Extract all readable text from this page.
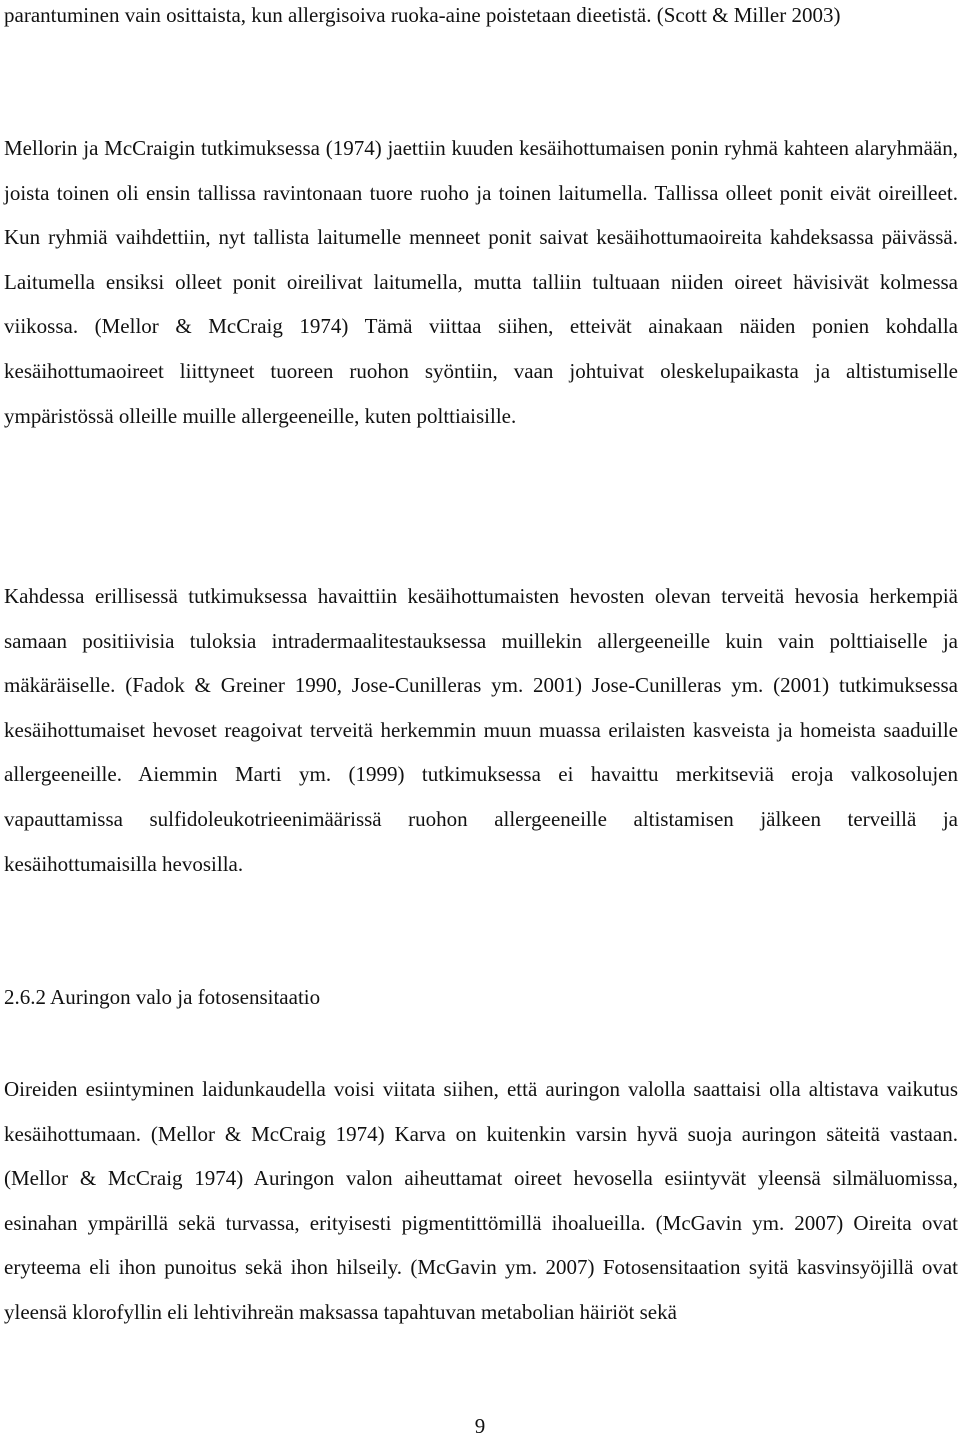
parantuminen vain osittaista, kun allergisoiva ruoka-aine poistetaan dieetistä. (Scott & Miller 2003)

Mellorin ja McCraigin tutkimuksessa (1974) jaettiin kuuden kesäihottumaisen ponin ryhmä kahteen alaryhmään, joista toinen oli ensin tallissa ravintonaan tuore ruoho ja toinen laitumella. Tallissa olleet ponit eivät oireilleet. Kun ryhmiä vaihdettiin, nyt tallista laitumelle menneet ponit saivat kesäihottumaoireita kahdeksassa päivässä. Laitumella ensiksi olleet ponit oireilivat laitumella, mutta talliin tultuaan niiden oireet hävisivät kolmessa viikossa. (Mellor & McCraig 1974) Tämä viittaa siihen, etteivät ainakaan näiden ponien kohdalla kesäihottumaoireet liittyneet tuoreen ruohon syöntiin, vaan johtuivat oleskelupaikasta ja altistumiselle ympäristössä olleille muille allergeeneille, kuten polttiaisille.

Kahdessa erillisessä tutkimuksessa havaittiin kesäihottumaisten hevosten olevan terveitä hevosia herkempiä samaan positiivisia tuloksia intradermaalitestauksessa muillekin allergeeneille kuin vain polttiaiselle ja mäkäräiselle. (Fadok & Greiner 1990, Jose-Cunilleras ym. 2001) Jose-Cunilleras ym. (2001) tutkimuksessa kesäihottumaiset hevoset reagoivat terveitä herkemmin muun muassa erilaisten kasveista ja homeista saaduille allergeeneille. Aiemmin Marti ym. (1999) tutkimuksessa ei havaittu merkitseviä eroja valkosolujen vapauttamissa sulfidoleukotrieenimäärissä ruohon allergeeneille altistamisen jälkeen terveillä ja kesäihottumaisilla hevosilla.

2.6.2 Auringon valo ja fotosensitaatio

Oireiden esiintyminen laidunkaudella voisi viitata siihen, että auringon valolla saattaisi olla altistava vaikutus kesäihottumaan. (Mellor & McCraig 1974) Karva on kuitenkin varsin hyvä suoja auringon säteitä vastaan. (Mellor & McCraig 1974) Auringon valon aiheuttamat oireet hevosella esiintyvät yleensä silmäluomissa, esinahan ympärillä sekä turvassa, erityisesti pigmentittömillä ihoalueilla. (McGavin ym. 2007) Oireita ovat eryteema eli ihon punoitus sekä ihon hilseily. (McGavin ym. 2007) Fotosensitaation syitä kasvinsyöjillä ovat yleensä klorofyllin eli lehtivihreän maksassa tapahtuvan metabolian häiriöt sekä

9
